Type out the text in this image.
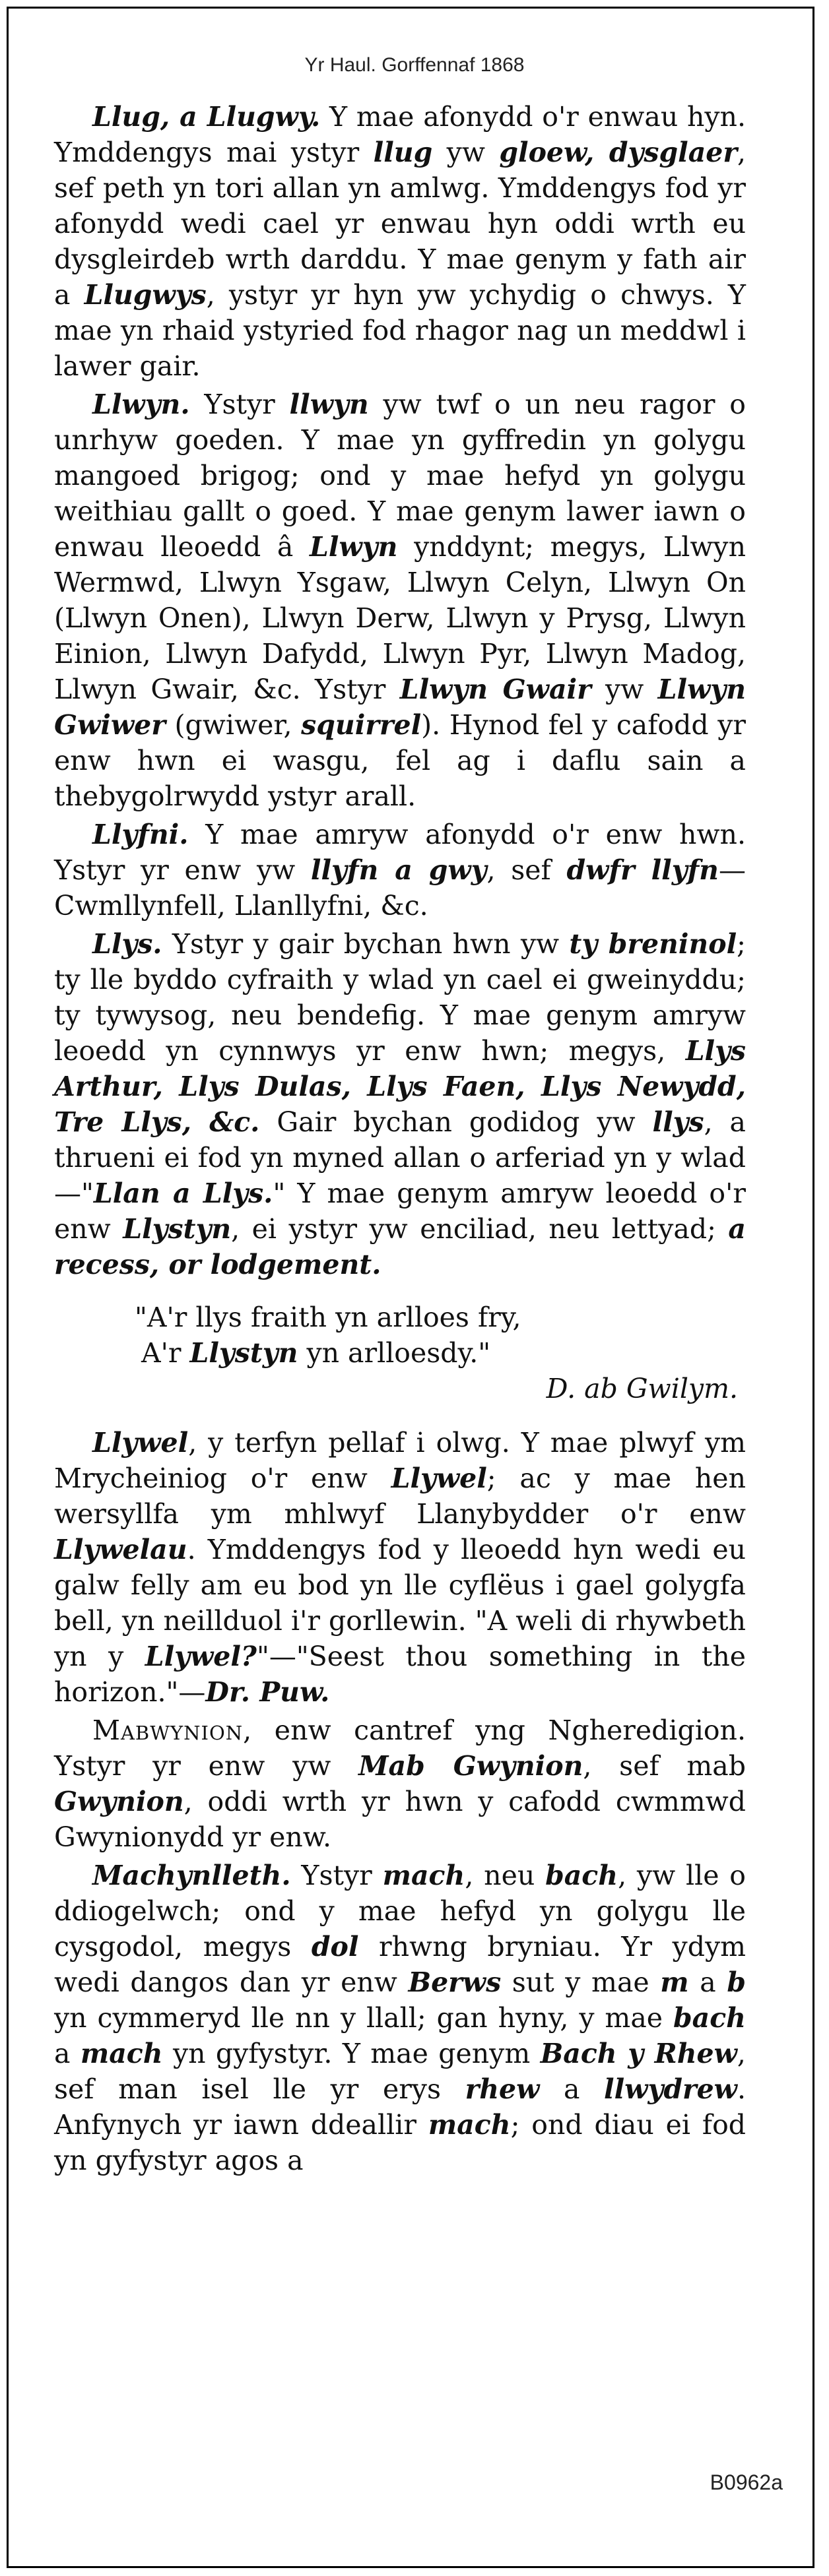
Yr Haul. Gorffennaf 1868

Llug, a Llugwy. Y mae afonydd o'r enwau hyn. Ymddengys mai ystyr llug yw gloew, dysglaer, sef peth yn tori allan yn amlwg. Ymddengys fod yr afonydd wedi cael yr enwau hyn oddi wrth eu dysgleirdeb wrth darddu. Y mae genym y fath air a Llugwys, ystyr yr hyn yw ychydig o chwys. Y mae yn rhaid ystyried fod rhagor nag un meddwl i lawer gair.

Llwyn. Ystyr llwyn yw twf o un neu ragor o unrhyw goeden. Y mae yn gyffredin yn golygu mangoed brigog; ond y mae hefyd yn golygu weithiau gallt o goed. Y mae genym lawer iawn o enwau lleoedd â Llwyn ynddynt; megys, Llwyn Wermwd, Llwyn Ysgaw, Llwyn Celyn, Llwyn On (Llwyn Onen), Llwyn Derw, Llwyn y Prysg, Llwyn Einion, Llwyn Dafydd, Llwyn Pyr, Llwyn Madog, Llwyn Gwair, &c. Ystyr Llwyn Gwair yw Llwyn Gwiwer (gwiwer, squirrel). Hynod fel y cafodd yr enw hwn ei wasgu, fel ag i daflu sain a thebygolrwydd ystyr arall.

Llyfni. Y mae amryw afonydd o'r enw hwn. Ystyr yr enw yw llyfn a gwy, sef dwfr llyfn—Cwmllynfell, Llanllyfni, &c.

Llys. Ystyr y gair bychan hwn yw ty breninol; ty lle byddo cyfraith y wlad yn cael ei gweinyddu; ty tywysog, neu bendefig. Y mae genym amryw leoedd yn cynnwys yr enw hwn; megys, Llys Arthur, Llys Dulas, Llys Faen, Llys Newydd, Tre Llys, &c. Gair bychan godidog yw llys, a thrueni ei fod yn myned allan o arferiad yn y wlad—"Llan a Llys." Y mae genym amryw leoedd o'r enw Llystyn, ei ystyr yw enciliad, neu lettyad; a recess, or lodgement.

"A'r llys fraith yn arlloes fry,
A'r Llystyn yn arlloesdy."
D. ab Gwilym.

Llywel, y terfyn pellaf i olwg. Y mae plwyf ym Mrycheiniog o'r enw Llywel; ac y mae hen wersyllfa ym mhlwyf Llanybydder o'r enw Llywelau. Ymddengys fod y lleoedd hyn wedi eu galw felly am eu bod yn lle cyflëus i gael golygfa bell, yn neillduol i'r gorllewin. "A weli di rhywbeth yn y Llywel?"—"Seest thou something in the horizon."—Dr. Puw.

Mabwynion, enw cantref yng Ngheredigion. Ystyr yr enw yw Mab Gwynion, sef mab Gwynion, oddi wrth yr hwn y cafodd cwmmwd Gwynionydd yr enw.

Machynlleth. Ystyr mach, neu bach, yw lle o ddiogelwch; ond y mae hefyd yn golygu lle cysgodol, megys dol rhwng bryniau. Yr ydym wedi dangos dan yr enw Berws sut y mae m a b yn cymmeryd lle nn y llall; gan hyny, y mae bach a mach yn gyfystyr. Y mae genym Bach y Rhew, sef man isel lle yr erys rhew a llwydrew. Anfynych yr iawn ddeallir mach; ond diau ei fod yn gyfystyr agos a

B0962a
